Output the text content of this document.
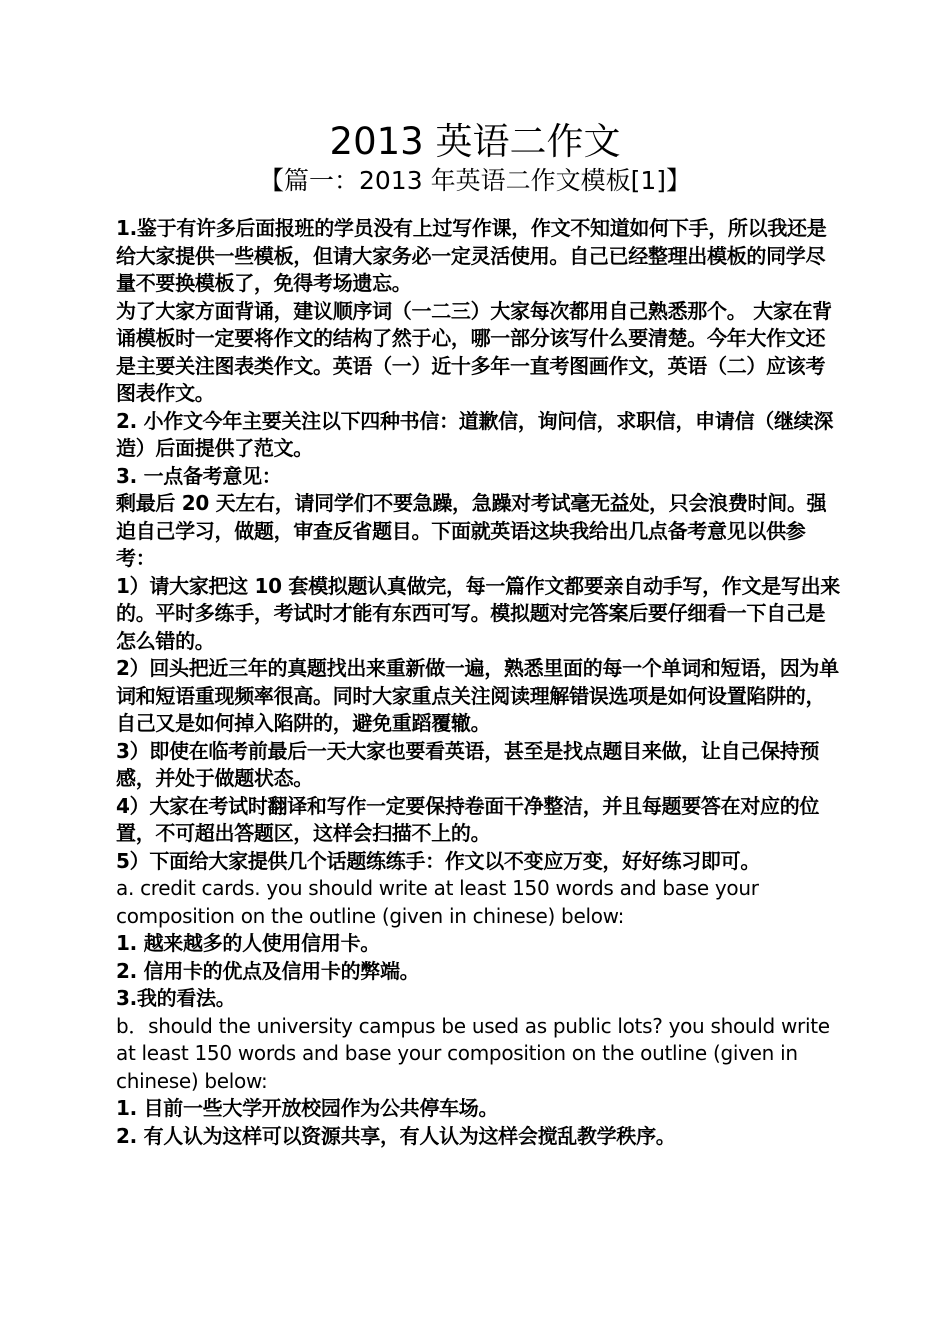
2013 英语二作文
【篇一：2013 年英语二作文模板[1]】

1.鉴于有许多后面报班的学员没有上过写作课，作文不知道如何下手，所以我还是给大家提供一些模板，但请大家务必一定灵活使用。自己已经整理出模板的同学尽量不要换模板了，免得考场遗忘。

为了大家方面背诵，建议顺序词（一二三）大家每次都用自己熟悉那个。 大家在背诵模板时一定要将作文的结构了然于心，哪一部分该写什么要清楚。今年大作文还是主要关注图表类作文。英语（一）近十多年一直考图画作文，英语（二）应该考图表作文。

2. 小作文今年主要关注以下四种书信：道歉信，询问信，求职信，申请信（继续深造）后面提供了范文。

3. 一点备考意见：

剩最后 20 天左右，请同学们不要急躁，急躁对考试毫无益处，只会浪费时间。强迫自己学习，做题，审查反省题目。下面就英语这块我给出几点备考意见以供参考：

1）请大家把这 10 套模拟题认真做完，每一篇作文都要亲自动手写，作文是写出来的。平时多练手，考试时才能有东西可写。模拟题对完答案后要仔细看一下自己是怎么错的。

2）回头把近三年的真题找出来重新做一遍，熟悉里面的每一个单词和短语，因为单词和短语重现频率很高。同时大家重点关注阅读理解错误选项是如何设置陷阱的，自己又是如何掉入陷阱的，避免重蹈覆辙。

3）即使在临考前最后一天大家也要看英语，甚至是找点题目来做，让自己保持预感，并处于做题状态。

4）大家在考试时翻译和写作一定要保持卷面干净整洁，并且每题要答在对应的位置，不可超出答题区，这样会扫描不上的。

5）下面给大家提供几个话题练练手：作文以不变应万变，好好练习即可。

a. credit cards. you should write at least 150 words and base your composition on the outline (given in chinese) below:

1. 越来越多的人使用信用卡。

2. 信用卡的优点及信用卡的弊端。

3.我的看法。

b．should the university campus be used as public lots? you should write at least 150 words and base your composition on the outline (given in chinese) below:

1. 目前一些大学开放校园作为公共停车场。

2. 有人认为这样可以资源共享，有人认为这样会搅乱教学秩序。
